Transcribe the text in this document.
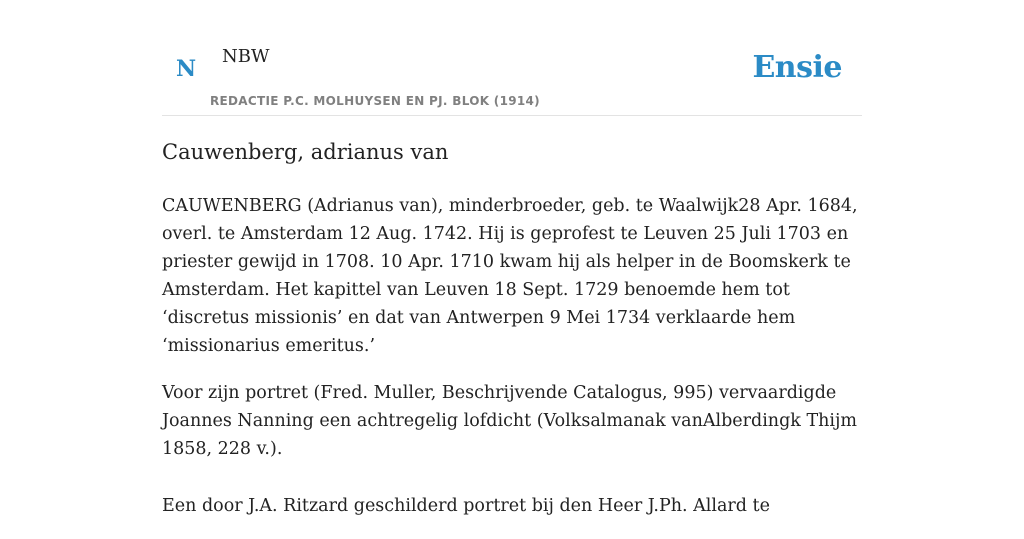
N NBW
REDACTIE P.C. MOLHUYSEN EN PJ. BLOK (1914)
Ensie
Cauwenberg, adrianus van

CAUWENBERG (Adrianus van), minderbroeder, geb. te Waalwijk28 Apr. 1684, overl. te Amsterdam 12 Aug. 1742. Hij is geprofest te Leuven 25 Juli 1703 en priester gewijd in 1708. 10 Apr. 1710 kwam hij als helper in de Boomskerk te Amsterdam. Het kapittel van Leuven 18 Sept. 1729 benoemde hem tot ‘discretus missionis’ en dat van Antwerpen 9 Mei 1734 verklaarde hem ‘missionarius emeritus.’

Voor zijn portret (Fred. Muller, Beschrijvende Catalogus, 995) vervaardigde Joannes Nanning een achtregelig lofdicht (Volksalmanak vanAlberdingk Thijm 1858, 228 v.).

Een door J.A. Ritzard geschilderd portret bij den Heer J.Ph. Allard te
